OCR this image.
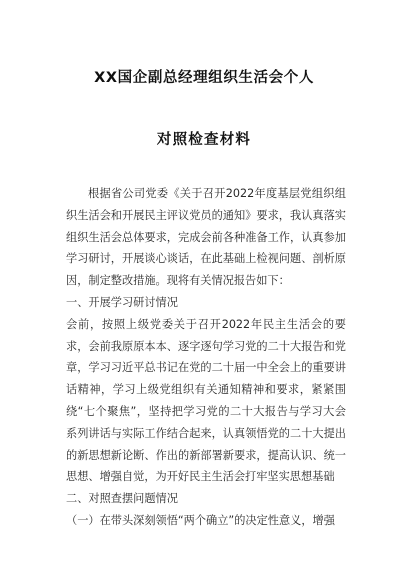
XX国企副总经理组织生活会个人
对照检查材料

根据省公司党委《关于召开2022年度基层党组织组织生活会和开展民主评议党员的通知》要求，我认真落实组织生活会总体要求，完成会前各种准备工作，认真参加学习研讨，开展谈心谈话，在此基础上检视问题、剖析原因，制定整改措施。现将有关情况报告如下：

一、开展学习研讨情况

会前，按照上级党委关于召开2022年民主生活会的要求，会前我原原本本、逐字逐句学习党的二十大报告和党章，学习习近平总书记在党的二十届一中全会上的重要讲话精神，学习上级党组织有关通知精神和要求，紧紧围绕“七个聚焦”，坚持把学习党的二十大报告与学习大会系列讲话与实际工作结合起来，认真领悟党的二十大提出的新思想新论断、作出的新部署新要求，提高认识、统一思想、增强自觉，为开好民主生活会打牢坚实思想基础

二、对照查摆问题情况

（一）在带头深刻领悟“两个确立”的决定性意义，增强
